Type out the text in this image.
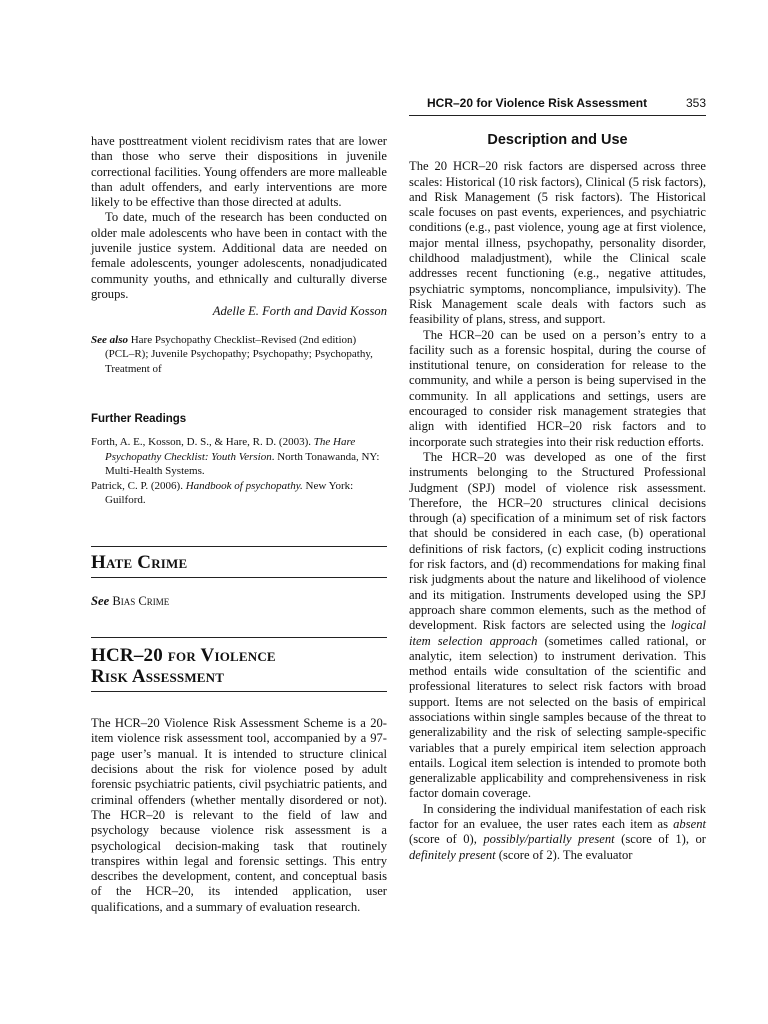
HCR–20 for Violence Risk Assessment	353

have posttreatment violent recidivism rates that are lower than those who serve their dispositions in juvenile correctional facilities. Young offenders are more malleable than adult offenders, and early interventions are more likely to be effective than those directed at adults.

To date, much of the research has been conducted on older male adolescents who have been in contact with the juvenile justice system. Additional data are needed on female adolescents, younger adolescents, nonadjudicated community youths, and ethnically and culturally diverse groups.

Adelle E. Forth and David Kosson

See also Hare Psychopathy Checklist–Revised (2nd edition) (PCL–R); Juvenile Psychopathy; Psychopathy; Psychopathy, Treatment of

Further Readings

Forth, A. E., Kosson, D. S., & Hare, R. D. (2003). The Hare Psychopathy Checklist: Youth Version. North Tonawanda, NY: Multi-Health Systems.

Patrick, C. P. (2006). Handbook of psychopathy. New York: Guilford.

Hate Crime

See Bias Crime

HCR–20 for Violence
Risk Assessment

The HCR–20 Violence Risk Assessment Scheme is a 20-item violence risk assessment tool, accompanied by a 97-page user’s manual. It is intended to structure clinical decisions about the risk for violence posed by adult forensic psychiatric patients, civil psychiatric patients, and criminal offenders (whether mentally disordered or not). The HCR–20 is relevant to the field of law and psychology because violence risk assessment is a psychological decision-making task that routinely transpires within legal and forensic settings. This entry describes the development, content, and conceptual basis of the HCR–20, its intended application, user qualifications, and a summary of evaluation research.

Description and Use

The 20 HCR–20 risk factors are dispersed across three scales: Historical (10 risk factors), Clinical (5 risk factors), and Risk Management (5 risk factors). The Historical scale focuses on past events, experiences, and psychiatric conditions (e.g., past violence, young age at first violence, major mental illness, psychopathy, personality disorder, childhood maladjustment), while the Clinical scale addresses recent functioning (e.g., negative attitudes, psychiatric symptoms, noncompliance, impulsivity). The Risk Management scale deals with factors such as feasibility of plans, stress, and support.

The HCR–20 can be used on a person’s entry to a facility such as a forensic hospital, during the course of institutional tenure, on consideration for release to the community, and while a person is being supervised in the community. In all applications and settings, users are encouraged to consider risk management strategies that align with identified HCR–20 risk factors and to incorporate such strategies into their risk reduction efforts.

The HCR–20 was developed as one of the first instruments belonging to the Structured Professional Judgment (SPJ) model of violence risk assessment. Therefore, the HCR–20 structures clinical decisions through (a) specification of a minimum set of risk factors that should be considered in each case, (b) operational definitions of risk factors, (c) explicit coding instructions for risk factors, and (d) recommendations for making final risk judgments about the nature and likelihood of violence and its mitigation. Instruments developed using the SPJ approach share common elements, such as the method of development. Risk factors are selected using the logical item selection approach (sometimes called rational, or analytic, item selection) to instrument derivation. This method entails wide consultation of the scientific and professional literatures to select risk factors with broad support. Items are not selected on the basis of empirical associations within single samples because of the threat to generalizability and the risk of selecting sample-specific variables that a purely empirical item selection approach entails. Logical item selection is intended to promote both generalizable applicability and comprehensiveness in risk factor domain coverage.

In considering the individual manifestation of each risk factor for an evaluee, the user rates each item as absent (score of 0), possibly/partially present (score of 1), or definitely present (score of 2). The evaluator
